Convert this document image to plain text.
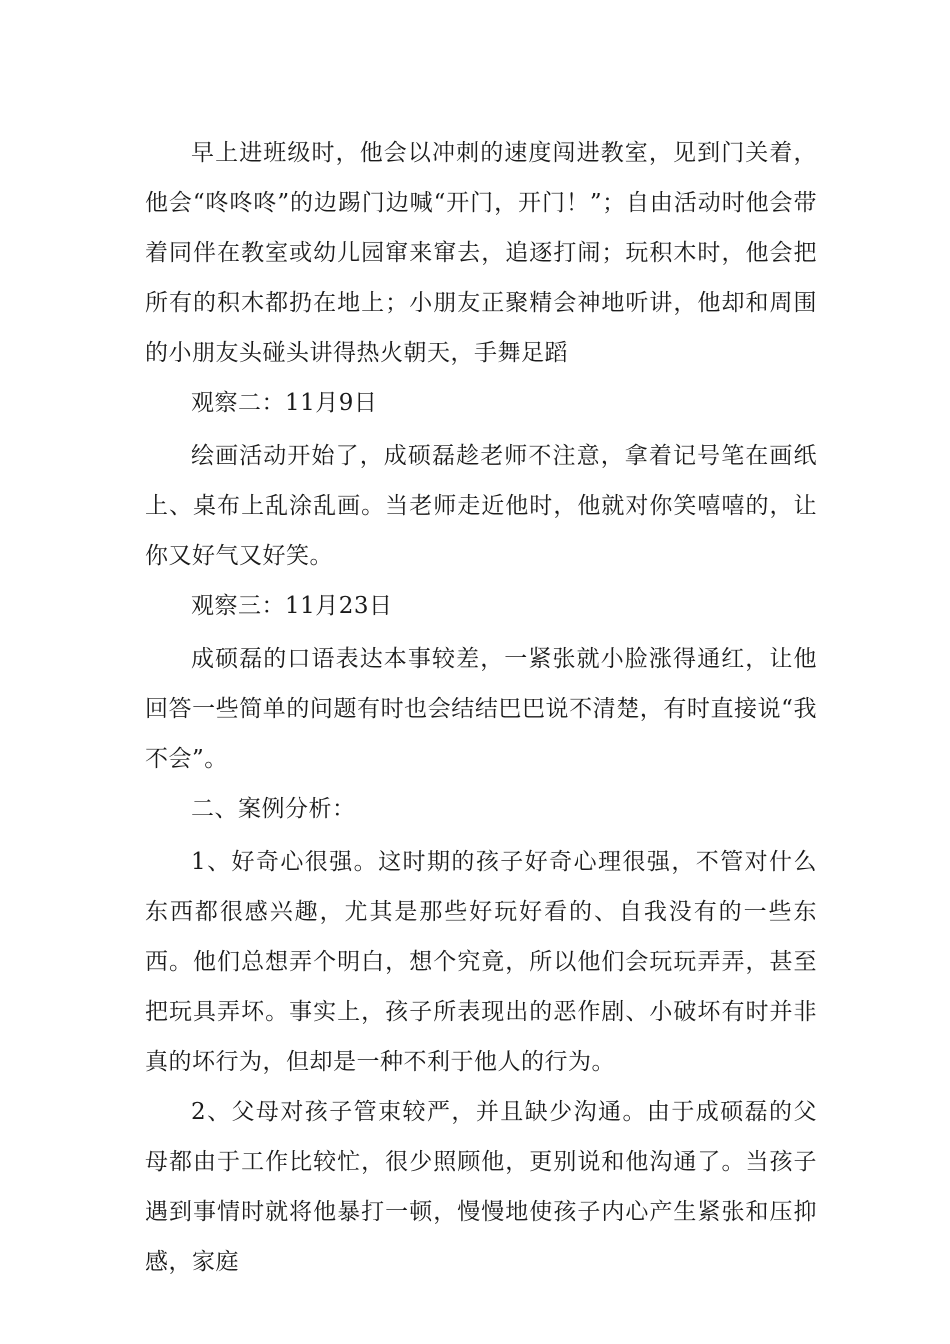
早上进班级时，他会以冲刺的速度闯进教室，见到门关着，他会“咚咚咚”的边踢门边喊“开门，开门！”；自由活动时他会带着同伴在教室或幼儿园窜来窜去，追逐打闹；玩积木时，他会把所有的积木都扔在地上；小朋友正聚精会神地听讲，他却和周围的小朋友头碰头讲得热火朝天，手舞足蹈

观察二：11月9日

绘画活动开始了，成硕磊趁老师不注意，拿着记号笔在画纸上、桌布上乱涂乱画。当老师走近他时，他就对你笑嘻嘻的，让你又好气又好笑。

观察三：11月23日

成硕磊的口语表达本事较差，一紧张就小脸涨得通红，让他回答一些简单的问题有时也会结结巴巴说不清楚，有时直接说“我不会”。

二、案例分析：

1、好奇心很强。这时期的孩子好奇心理很强，不管对什么东西都很感兴趣，尤其是那些好玩好看的、自我没有的一些东西。他们总想弄个明白，想个究竟，所以他们会玩玩弄弄，甚至把玩具弄坏。事实上，孩子所表现出的恶作剧、小破坏有时并非真的坏行为，但却是一种不利于他人的行为。

2、父母对孩子管束较严，并且缺少沟通。由于成硕磊的父母都由于工作比较忙，很少照顾他，更别说和他沟通了。当孩子遇到事情时就将他暴打一顿，慢慢地使孩子内心产生紧张和压抑感，家庭
